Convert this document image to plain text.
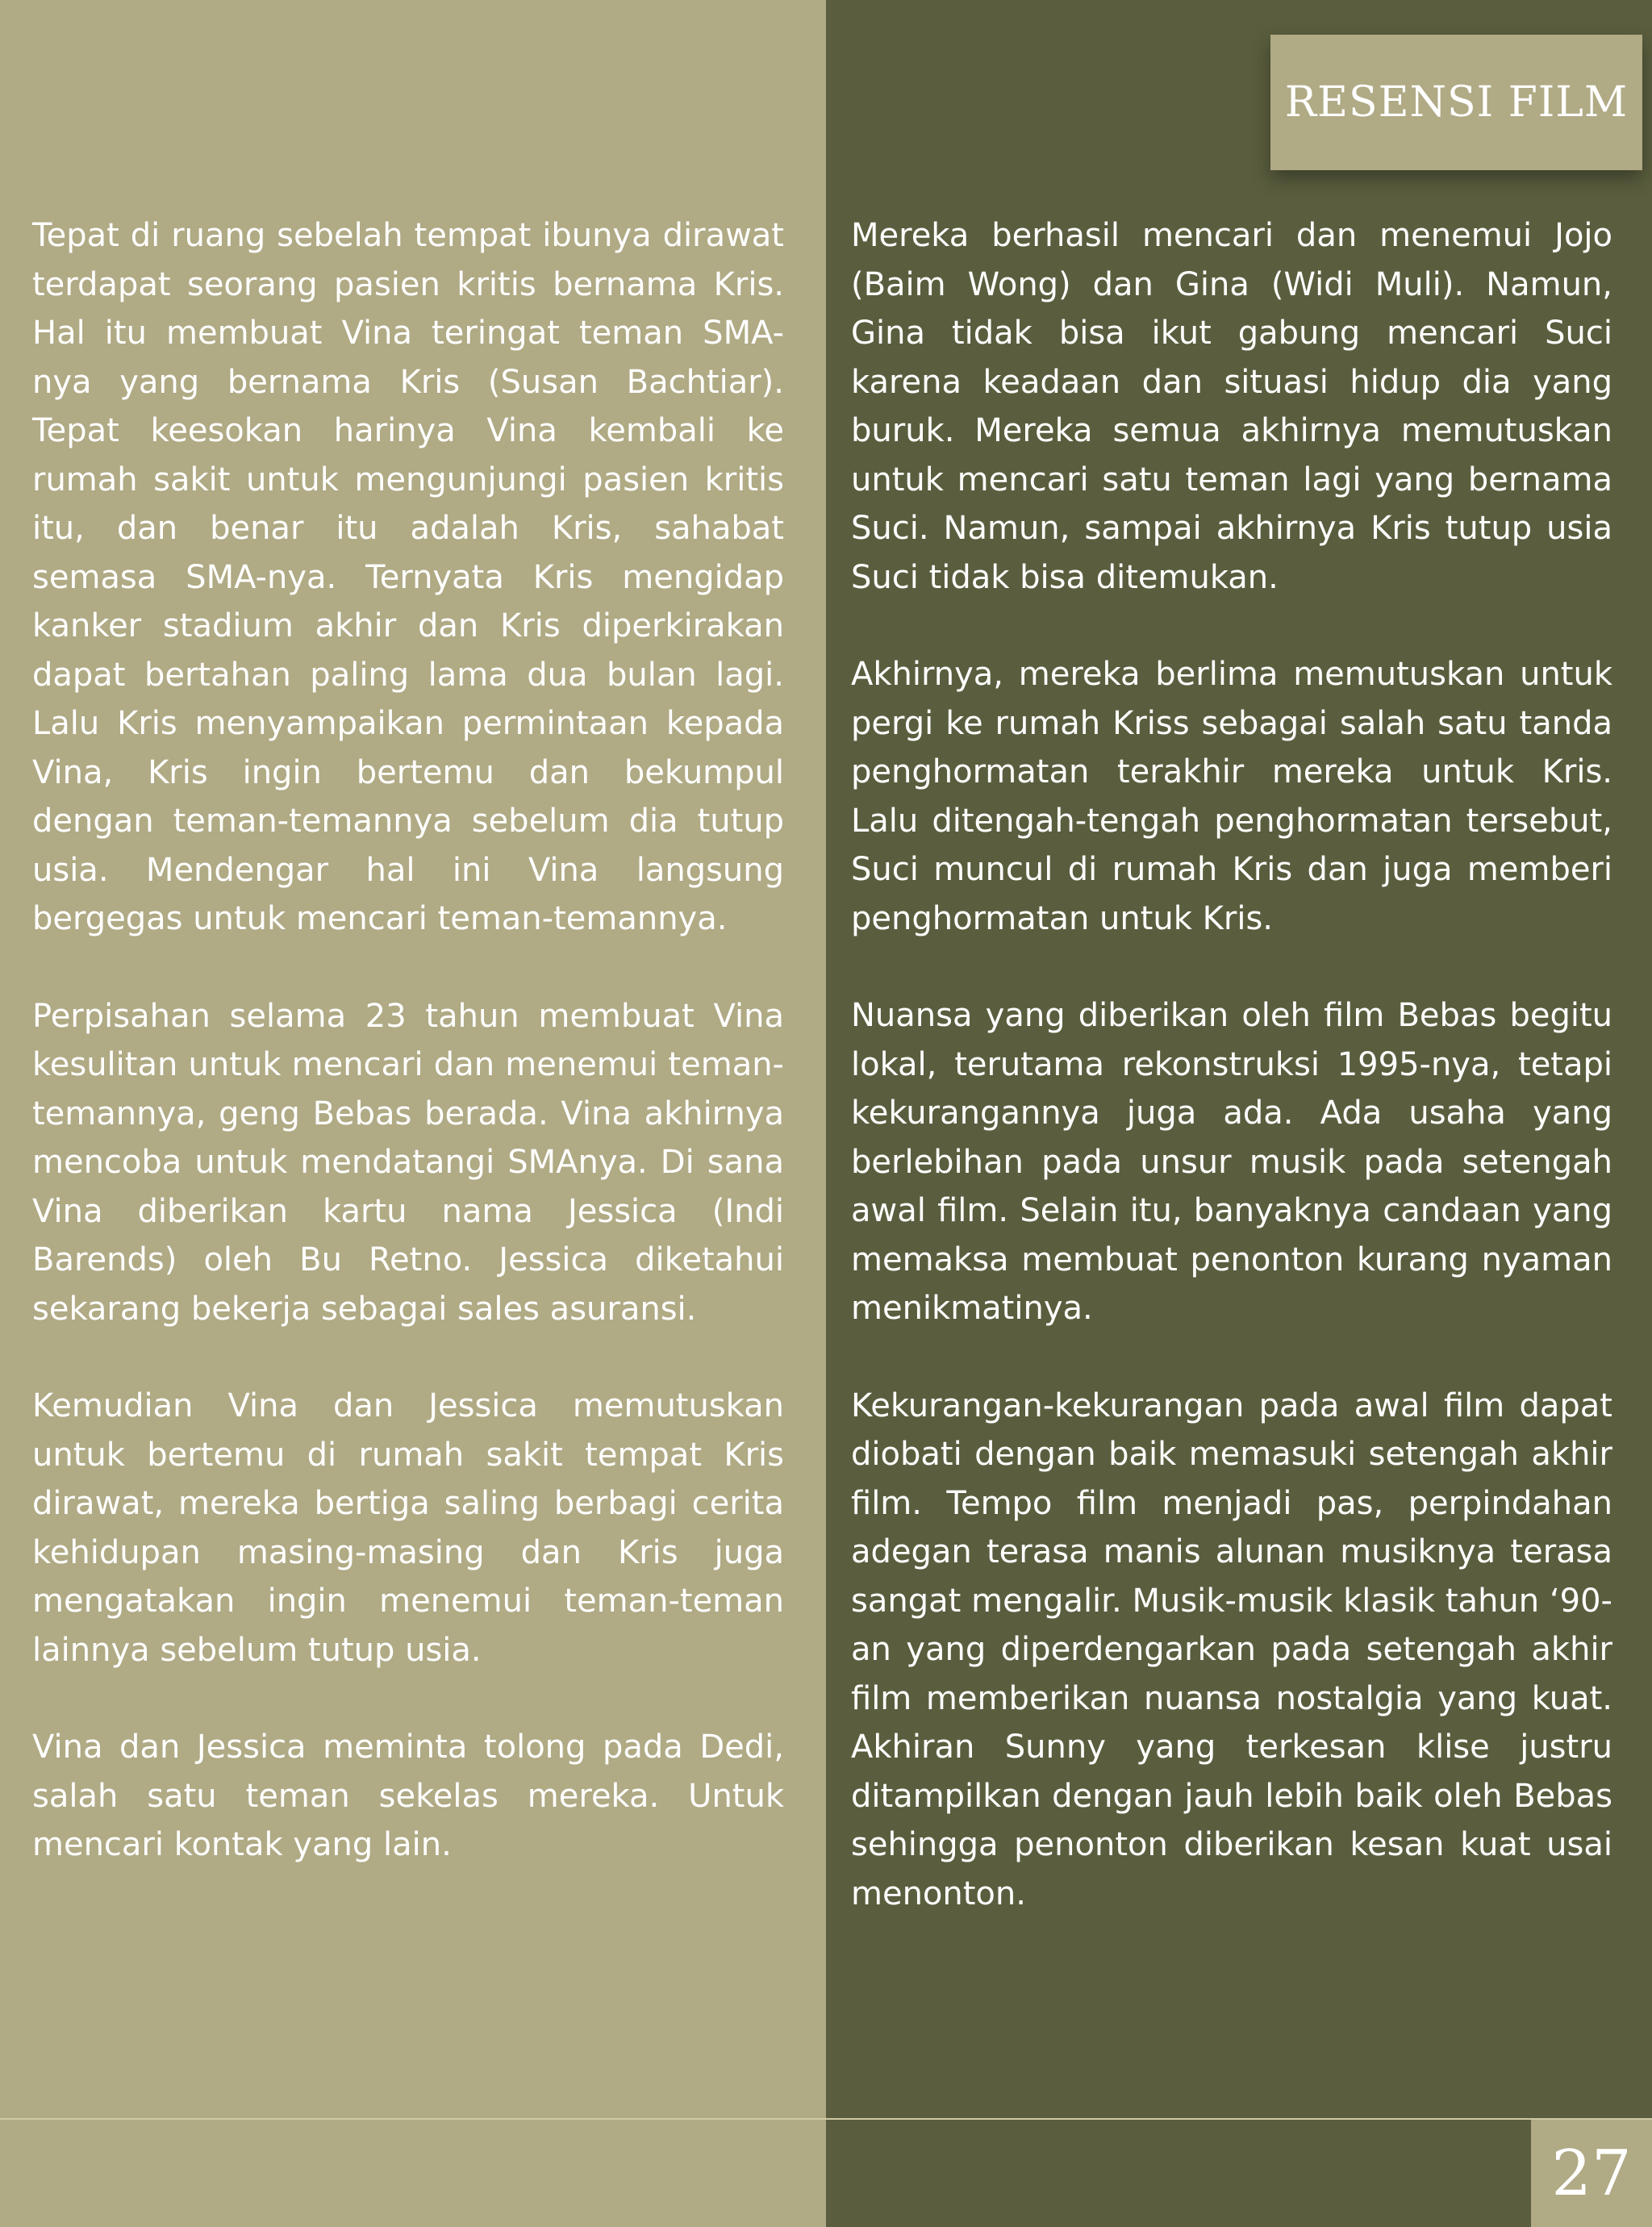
RESENSI FILM

Tepat di ruang sebelah tempat ibunya dirawat terdapat seorang pasien kritis bernama Kris. Hal itu membuat Vina teringat teman SMA-nya yang bernama Kris (Susan Bachtiar). Tepat keesokan harinya Vina kembali ke rumah sakit untuk mengunjungi pasien kritis itu, dan benar itu adalah Kris, sahabat semasa SMA-nya. Ternyata Kris mengidap kanker stadium akhir dan Kris diperkirakan dapat bertahan paling lama dua bulan lagi. Lalu Kris menyampaikan permintaan kepada Vina, Kris ingin bertemu dan bekumpul dengan teman-temannya sebelum dia tutup usia. Mendengar hal ini Vina langsung bergegas untuk mencari teman-temannya.

Perpisahan selama 23 tahun membuat Vina kesulitan untuk mencari dan menemui teman-temannya, geng Bebas berada. Vina akhirnya mencoba untuk mendatangi SMAnya. Di sana Vina diberikan kartu nama Jessica (Indi Barends) oleh Bu Retno. Jessica diketahui sekarang bekerja sebagai sales asuransi.

Kemudian Vina dan Jessica memutuskan untuk bertemu di rumah sakit tempat Kris dirawat, mereka bertiga saling berbagi cerita kehidupan masing-masing dan Kris juga mengatakan ingin menemui teman-teman lainnya sebelum tutup usia.

Vina dan Jessica meminta tolong pada Dedi, salah satu teman sekelas mereka. Untuk mencari kontak yang lain.

Mereka berhasil mencari dan menemui Jojo (Baim Wong) dan Gina (Widi Muli). Namun, Gina tidak bisa ikut gabung mencari Suci karena keadaan dan situasi hidup dia yang buruk. Mereka semua akhirnya memutuskan untuk mencari satu teman lagi yang bernama Suci. Namun, sampai akhirnya Kris tutup usia Suci tidak bisa ditemukan.

Akhirnya, mereka berlima memutuskan untuk pergi ke rumah Kriss sebagai salah satu tanda penghormatan terakhir mereka untuk Kris. Lalu ditengah-tengah penghormatan tersebut, Suci muncul di rumah Kris dan juga memberi penghormatan untuk Kris.

Nuansa yang diberikan oleh film Bebas begitu lokal, terutama rekonstruksi 1995-nya, tetapi kekurangannya juga ada. Ada usaha yang berlebihan pada unsur musik pada setengah awal film. Selain itu, banyaknya candaan yang memaksa membuat penonton kurang nyaman menikmatinya.

Kekurangan-kekurangan pada awal film dapat diobati dengan baik memasuki setengah akhir film. Tempo film menjadi pas, perpindahan adegan terasa manis alunan musiknya terasa sangat mengalir. Musik-musik klasik tahun ‘90-an yang diperdengarkan pada setengah akhir film memberikan nuansa nostalgia yang kuat. Akhiran Sunny yang terkesan klise justru ditampilkan dengan jauh lebih baik oleh Bebas sehingga penonton diberikan kesan kuat usai menonton.

27
